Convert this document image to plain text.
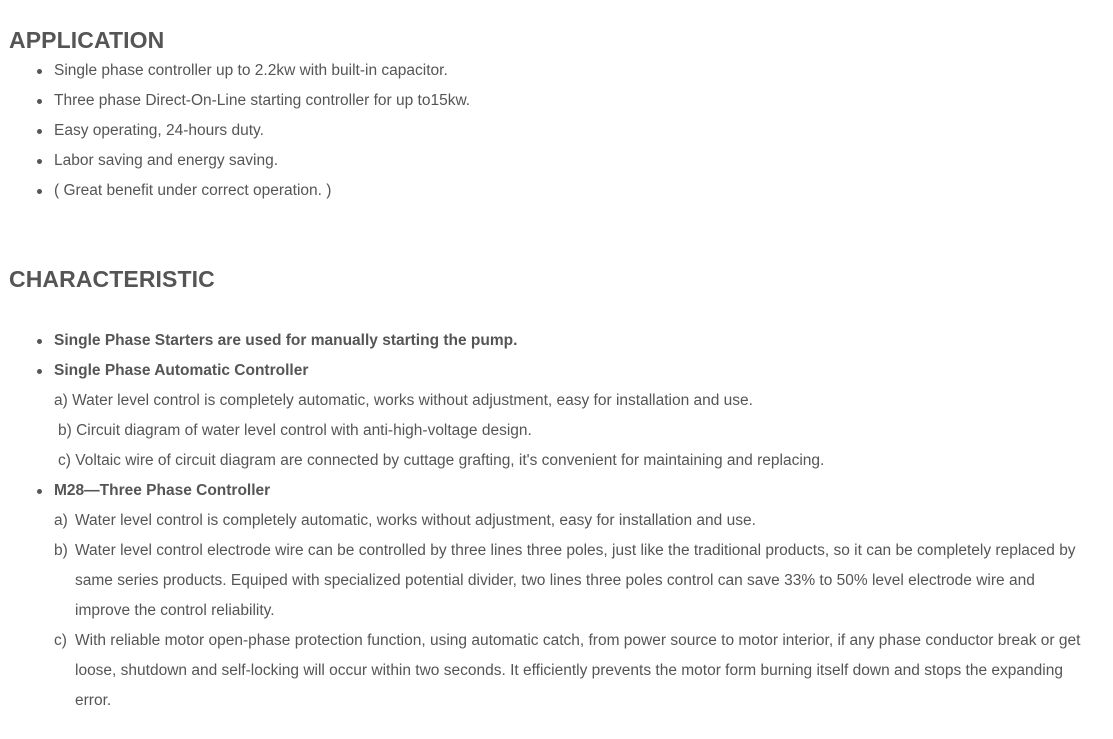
APPLICATION
Single phase controller up to 2.2kw with built-in capacitor.
Three phase Direct-On-Line starting controller for up to15kw.
Easy operating, 24-hours duty.
Labor saving and energy saving.
( Great benefit under correct operation. )
CHARACTERISTIC
Single Phase Starters are used for manually starting the pump.
Single Phase Automatic Controller
a) Water level control is completely automatic, works without adjustment, easy for installation and use.
b) Circuit diagram of water level control with anti-high-voltage design.
c) Voltaic wire of circuit diagram are connected by cuttage grafting, it's convenient for maintaining and replacing.
M28—Three Phase Controller
a) Water level control is completely automatic, works without adjustment, easy for installation and use.
b) Water level control electrode wire can be controlled by three lines three poles, just like the traditional products, so it can be completely replaced by same series products. Equiped with specialized potential divider, two lines three poles control can save 33% to 50% level electrode wire and improve the control reliability.
c) With reliable motor open-phase protection function, using automatic catch, from power source to motor interior, if any phase conductor break or get loose, shutdown and self-locking will occur within two seconds. It efficiently prevents the motor form burning itself down and stops the expanding error.
